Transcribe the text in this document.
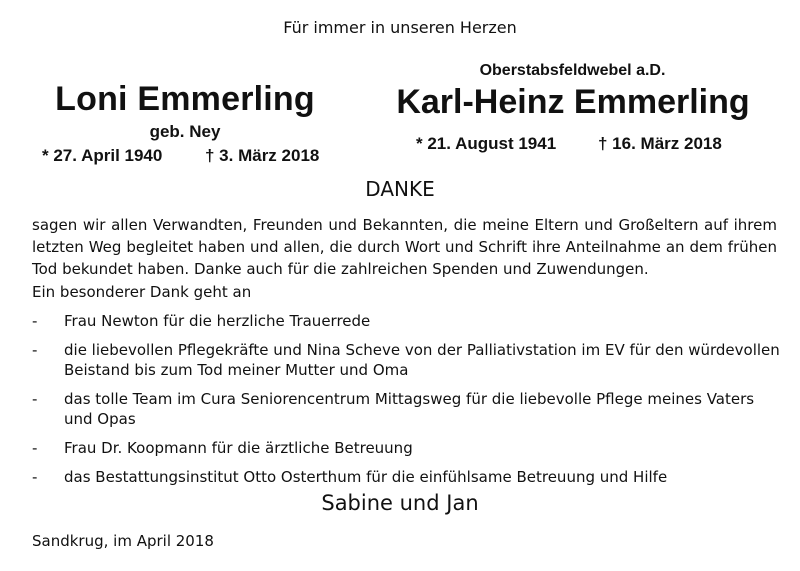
Für immer in unseren Herzen
Loni Emmerling
geb. Ney
* 27. April 1940	† 3. März 2018
Oberstabsfeldwebel a.D.
Karl-Heinz Emmerling
* 21. August 1941 † 16. März 2018
DANKE
sagen wir allen Verwandten, Freunden und Bekannten, die meine Eltern und Großeltern auf ihrem letzten Weg begleitet haben und allen, die durch Wort und Schrift ihre Anteilnahme an dem frühen Tod bekundet haben. Danke auch für die zahlreichen Spenden und Zuwendungen.
Ein besonderer Dank geht an
- Frau Newton für die herzliche Trauerrede
- die liebevollen Pflegekräfte und Nina Scheve von der Palliativstation im EV für den würdevollen Beistand bis zum Tod meiner Mutter und Oma
- das tolle Team im Cura Seniorencentrum Mittagsweg für die liebevolle Pflege meines Vaters und Opas
- Frau Dr. Koopmann für die ärztliche Betreuung
- das Bestattungsinstitut Otto Osterthum für die einfühlsame Betreuung und Hilfe
Sabine und Jan
Sandkrug, im April 2018
